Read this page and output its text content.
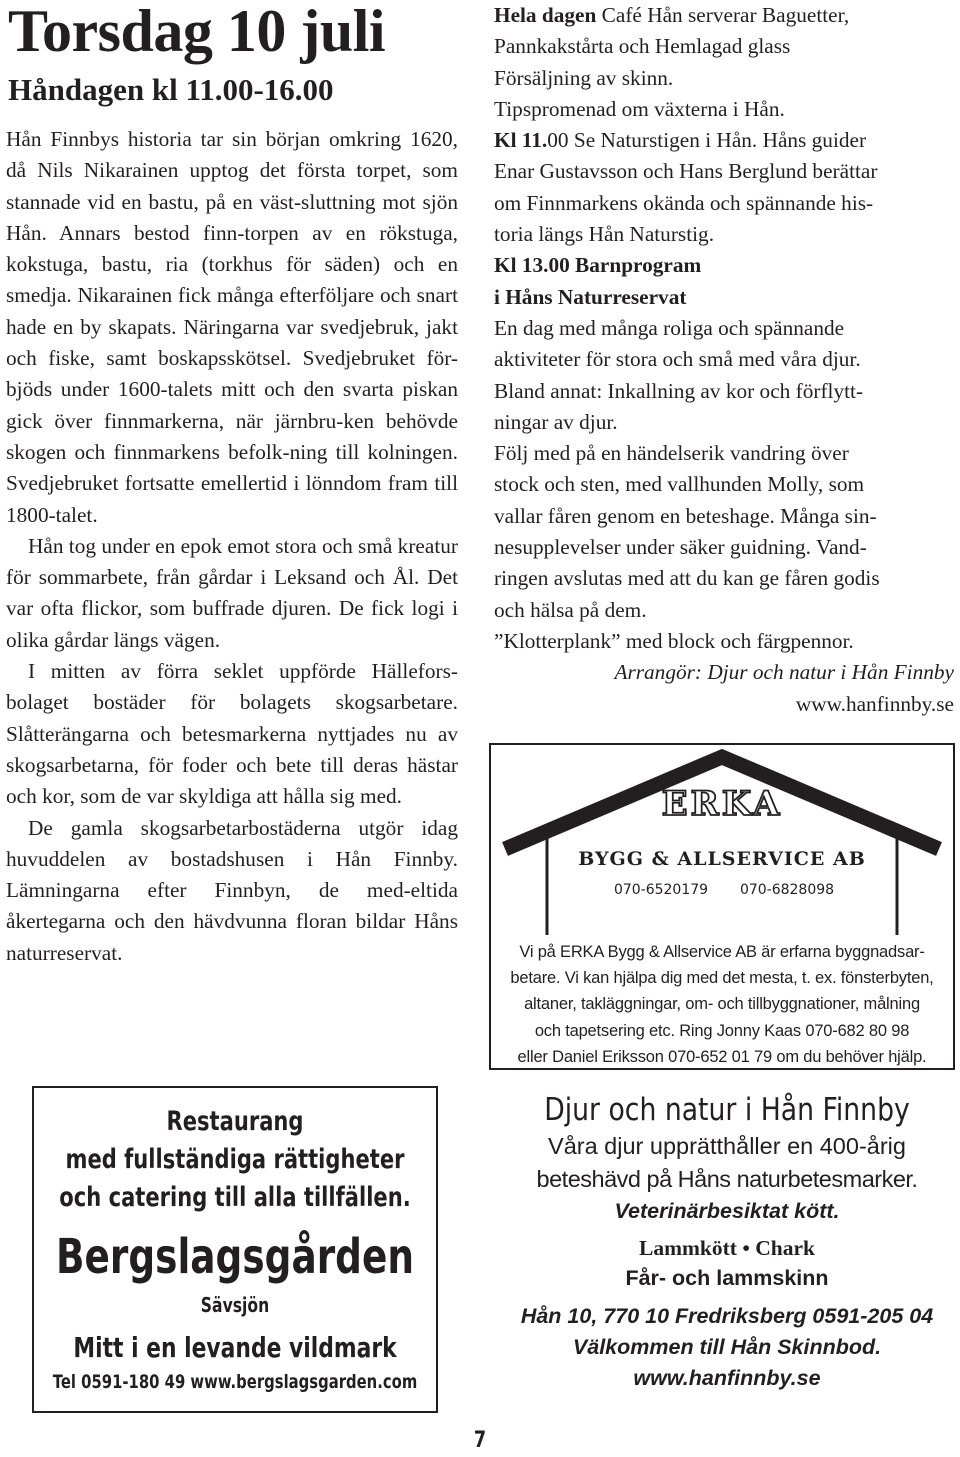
Torsdag 10 juli
Håndagen kl 11.00-16.00

Hån Finnbys historia tar sin början omkring 1620, då Nils Nikarainen upptog det första torpet, som stannade vid en bastu, på en väst-sluttning mot sjön Hån. Annars bestod finn-torpen av en rökstuga, kokstuga, bastu, ria (torkhus för säden) och en smedja. Nikarainen fick många efterföljare och snart hade en by skapats. Näringarna var svedjebruk, jakt och fiske, samt boskapsskötsel. Svedjebruket för-bjöds under 1600-talets mitt och den svarta piskan gick över finnmarkerna, när järnbru-ken behövde skogen och finnmarkens befolk-ning till kolningen. Svedjebruket fortsatte emellertid i lönndom fram till 1800-talet.

Hån tog under en epok emot stora och små kreatur för sommarbete, från gårdar i Leksand och Ål. Det var ofta flickor, som buffrade djuren. De fick logi i olika gårdar längs vägen.

I mitten av förra seklet uppförde Hällefors-bolaget bostäder för bolagets skogsarbetare. Slåtterängarna och betesmarkerna nyttjades nu av skogsarbetarna, för foder och bete till deras hästar och kor, som de var skyldiga att hålla sig med.

De gamla skogsarbetarbostäderna utgör idag huvuddelen av bostadshusen i Hån Finnby. Lämningarna efter Finnbyn, de med-eltida åkertegarna och den hävdvunna floran bildar Håns naturreservat.

Hela dagen Café Hån serverar Baguetter,
Pannkakstårta och Hemlagad glass
Försäljning av skinn.
Tipspromenad om växterna i Hån.
Kl 11.00 Se Naturstigen i Hån. Håns guider
Enar Gustavsson och Hans Berglund berättar
om Finnmarkens okända och spännande his-
toria längs Hån Naturstig.
Kl 13.00 Barnprogram
i Håns Naturreservat
En dag med många roliga och spännande
aktiviteter för stora och små med våra djur.
Bland annat: Inkallning av kor och förflytt-
ningar av djur.
Följ med på en händelserik vandring över
stock och sten, med vallhunden Molly, som
vallar fåren genom en beteshage. Många sin-
nesupplevelser under säker guidning. Vand-
ringen avslutas med att du kan ge fåren godis
och hälsa på dem.
”Klotterplank” med block och färgpennor.
Arrangör: Djur och natur i Hån Finnby
www.hanfinnby.se
ERKA
BYGG & ALLSERVICE AB
070-6520179 070-6828098
Vi på ERKA Bygg & Allservice AB är erfarna byggnadsar-
betare. Vi kan hjälpa dig med det mesta, t. ex. fönsterbyten,
altaner, takläggningar, om- och tillbyggnationer, målning
och tapetsering etc. Ring Jonny Kaas 070-682 80 98
eller Daniel Eriksson 070-652 01 79 om du behöver hjälp.
Restaurang
med fullständiga rättigheter
och catering till alla tillfällen.
Bergslagsgården
Sävsjön
Mitt i en levande vildmark
Tel 0591-180 49 www.bergslagsgarden.com
Djur och natur i Hån Finnby
Våra djur upprätthåller en 400-årig
beteshävd på Håns naturbetesmarker.
Veterinärbesiktat kött.
Lammkött • Chark
Får- och lammskinn
Hån 10, 770 10 Fredriksberg 0591-205 04
Välkommen till Hån Skinnbod.
www.hanfinnby.se
7
